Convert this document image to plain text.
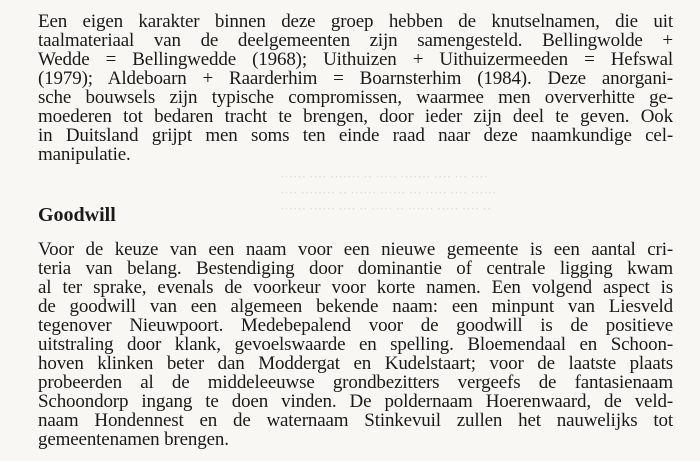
···· ··· ···· ······· ····· ·· ······· ···· ······
······ ···· ····· ··· ······ ······ ·· ········ ····
·· ···· ····· ······ ·· ····· ·· ···· ······ ······
Een eigen karakter binnen deze groep hebben de knutselnamen, die uit
taalmateriaal van de deelgemeenten zijn samengesteld. Bellingwolde +
Wedde = Bellingwedde (1968); Uithuizen + Uithuizermeeden = Hefswal
(1979); Aldeboarn + Raarderhim = Boarnsterhim (1984). Deze anorgani-
sche bouwsels zijn typische compromissen, waarmee men oververhitte ge-
moederen tot bedaren tracht te brengen, door ieder zijn deel te geven. Ook
in Duitsland grijpt men soms ten einde raad naar deze naamkundige cel-
manipulatie.
Goodwill
Voor de keuze van een naam voor een nieuwe gemeente is een aantal cri-
teria van belang. Bestendiging door dominantie of centrale ligging kwam
al ter sprake, evenals de voorkeur voor korte namen. Een volgend aspect is
de goodwill van een algemeen bekende naam: een minpunt van Liesveld
tegenover Nieuwpoort. Medebepalend voor de goodwill is de positieve
uitstraling door klank, gevoelswaarde en spelling. Bloemendaal en Schoon-
hoven klinken beter dan Moddergat en Kudelstaart; voor de laatste plaats
probeerden al de middeleeuwse grondbezitters vergeefs de fantasienaam
Schoondorp ingang te doen vinden. De poldernaam Hoerenwaard, de veld-
naam Hondennest en de waternaam Stinkevuil zullen het nauwelijks tot
gemeentenamen brengen.
